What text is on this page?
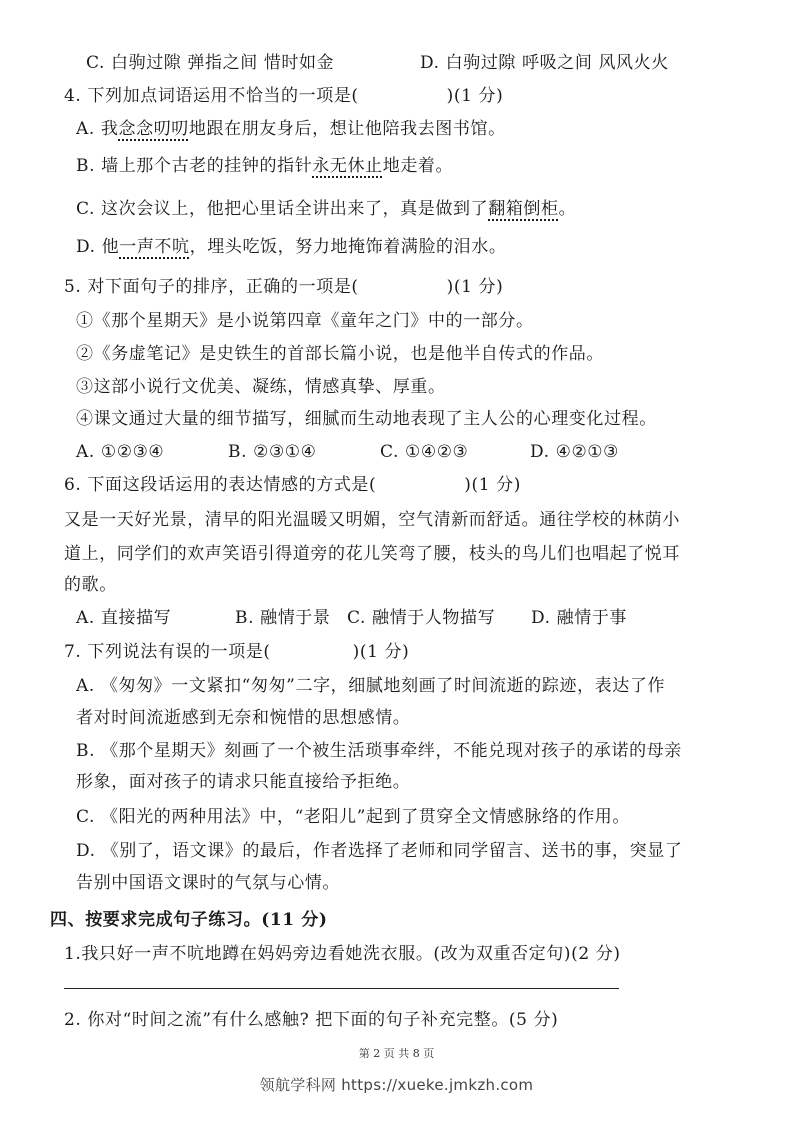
C. 白驹过隙 弹指之间 惜时如金	D. 白驹过隙 呼吸之间 风风火火
4. 下列加点词语运用不恰当的一项是(	)(1 分)
A. 我念念叨叨地跟在朋友身后，想让他陪我去图书馆。
B. 墙上那个古老的挂钟的指针永无休止地走着。
C. 这次会议上，他把心里话全讲出来了，真是做到了翻箱倒柜。
D. 他一声不吭，埋头吃饭，努力地掩饰着满脸的泪水。
5. 对下面句子的排序，正确的一项是(	)(1 分)
①《那个星期天》是小说第四章《童年之门》中的一部分。
②《务虚笔记》是史铁生的首部长篇小说，也是他半自传式的作品。
③这部小说行文优美、凝练，情感真挚、厚重。
④课文通过大量的细节描写，细腻而生动地表现了主人公的心理变化过程。
A. ①②③④	B. ②③①④	C. ①④②③	D. ④②①③
6. 下面这段话运用的表达情感的方式是(	)(1 分)
又是一天好光景，清早的阳光温暖又明媚，空气清新而舒适。通往学校的林荫小
道上，同学们的欢声笑语引得道旁的花儿笑弯了腰，枝头的鸟儿们也唱起了悦耳
的歌。
A. 直接描写	B. 融情于景 C. 融情于人物描写 D. 融情于事
7. 下列说法有误的一项是(	)(1 分)
A. 《匆匆》一文紧扣“匆匆”二字，细腻地刻画了时间流逝的踪迹，表达了作
者对时间流逝感到无奈和惋惜的思想感情。
B. 《那个星期天》刻画了一个被生活琐事牵绊，不能兑现对孩子的承诺的母亲
形象，面对孩子的请求只能直接给予拒绝。
C. 《阳光的两种用法》中，“老阳儿”起到了贯穿全文情感脉络的作用。
D. 《别了，语文课》的最后，作者选择了老师和同学留言、送书的事，突显了
告别中国语文课时的气氛与心情。
四、按要求完成句子练习。(11 分)
1.我只好一声不吭地蹲在妈妈旁边看她洗衣服。(改为双重否定句)(2 分)
2. 你对“时间之流”有什么感触? 把下面的句子补充完整。(5 分)
第 2 页 共 8 页
领航学科网 https://xueke.jmkzh.com
